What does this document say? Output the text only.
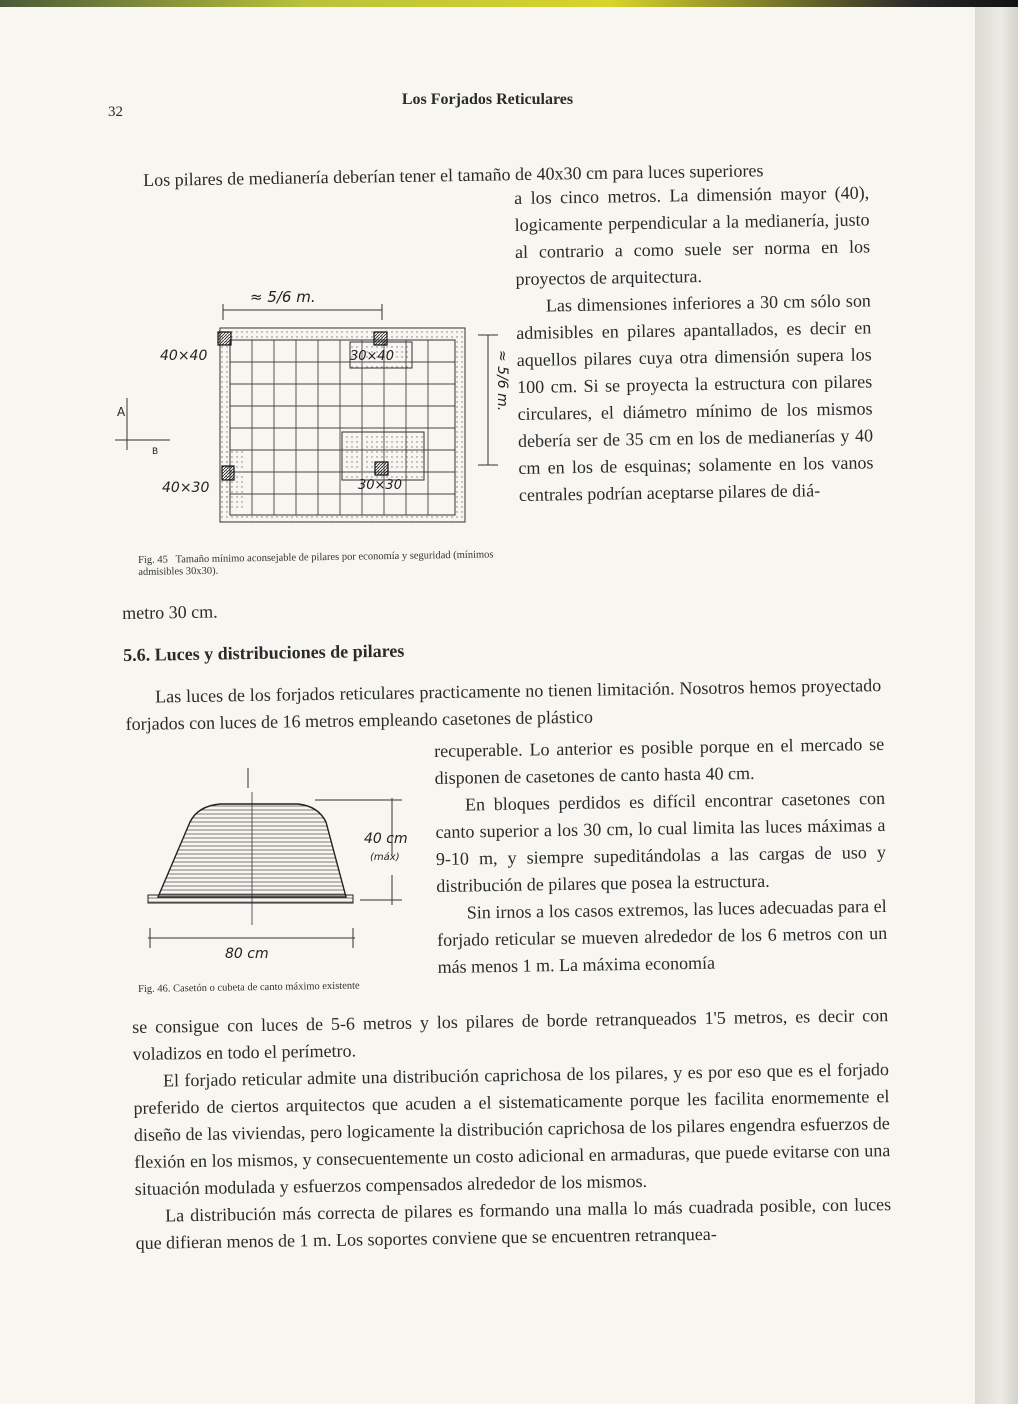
32
Los Forjados Reticulares
Los pilares de medianería deberían tener el tamaño de 40x30 cm para luces superiores

a los cinco metros. La dimensión mayor (40), logicamente perpendicular a la medianería, justo al contrario a como suele ser norma en los proyectos de arquitectura.

Las dimensiones inferiores a 30 cm sólo son admisibles en pilares apantallados, es decir en aquellos pilares cuya otra dimensión supera los 100 cm. Si se proyecta la estructura con pilares circulares, el diámetro mínimo de los mismos debería ser de 35 cm en los de medianerías y 40 cm en los de esquinas; solamente en los vanos centrales podrían aceptarse pilares de diá-

≈ 5/6 m.
≈ 5/6 m.
A
B
40×40	30×40
40×30	30×30
Fig. 45 Tamaño mínimo aconsejable de pilares por economía y seguridad (mínimos admisibles 30x30).
metro 30 cm.
5.6. Luces y distribuciones de pilares

Las luces de los forjados reticulares practicamente no tienen limitación. Nosotros hemos proyectado forjados con luces de 16 metros empleando casetones de plástico

recuperable. Lo anterior es posible porque en el mercado se disponen de casetones de canto hasta 40 cm.

En bloques perdidos es difícil encontrar casetones con canto superior a los 30 cm, lo cual limita las luces máximas a 9-10 m, y siempre supeditándolas a las cargas de uso y distribución de pilares que posea la estructura.

Sin irnos a los casos extremos, las luces adecuadas para el forjado reticular se mueven alrededor de los 6 metros con un más menos 1 m. La máxima economía

40 cm
(máx)
80 cm
Fig. 46. Casetón o cubeta de canto máximo existente

se consigue con luces de 5-6 metros y los pilares de borde retranqueados 1'5 metros, es decir con voladizos en todo el perímetro.

El forjado reticular admite una distribución caprichosa de los pilares, y es por eso que es el forjado preferido de ciertos arquitectos que acuden a el sistematicamente porque les facilita enormemente el diseño de las viviendas, pero logicamente la distribución caprichosa de los pilares engendra esfuerzos de flexión en los mismos, y consecuentemente un costo adicional en armaduras, que puede evitarse con una situación modulada y esfuerzos compensados alrededor de los mismos.

La distribución más correcta de pilares es formando una malla lo más cuadrada posible, con luces que difieran menos de 1 m. Los soportes conviene que se encuentren retranquea-
